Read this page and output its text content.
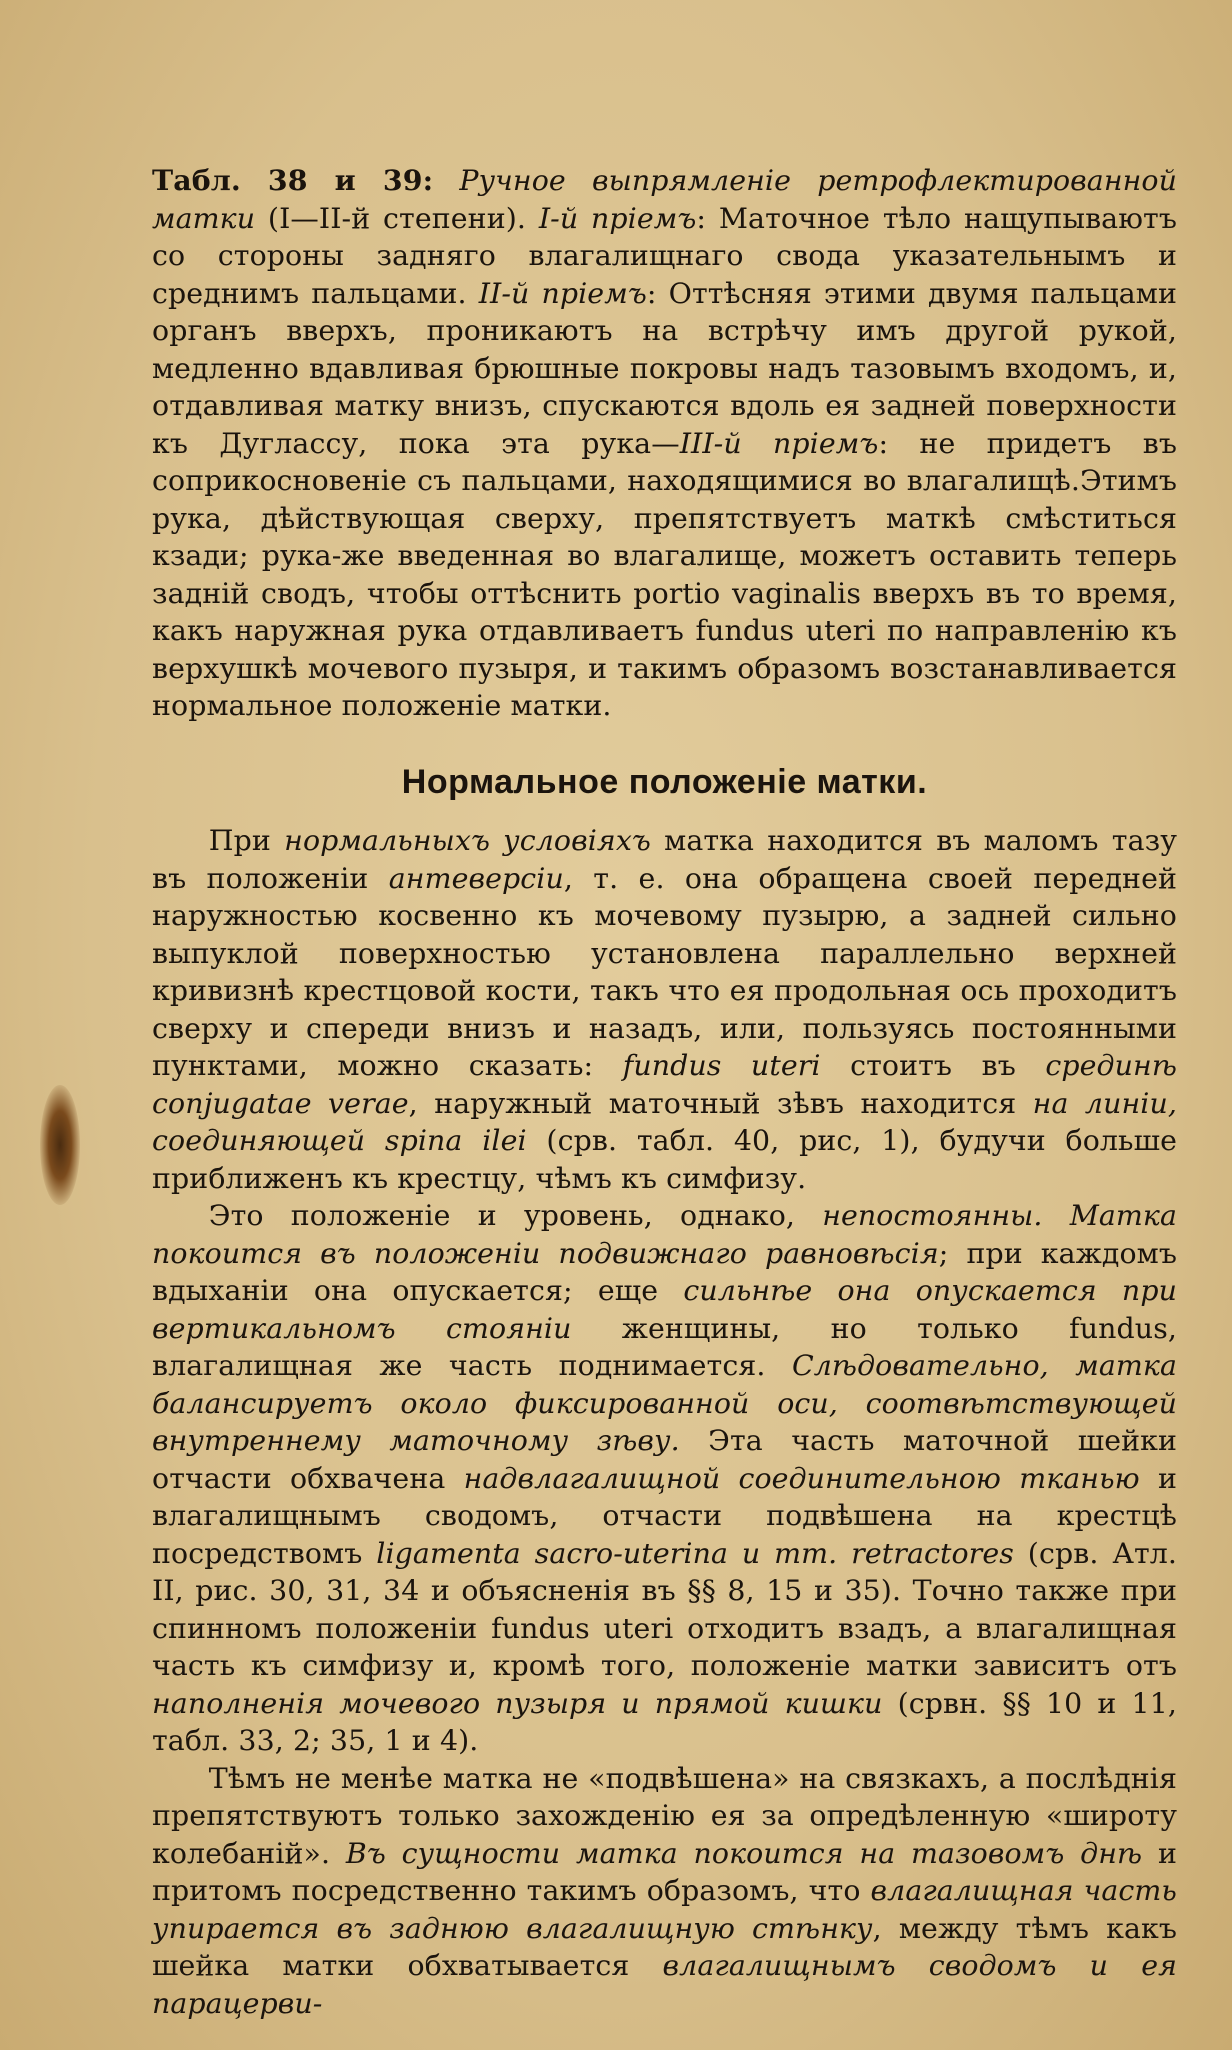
Табл. 38 и 39: Ручное выпрямленіе ретрофлектированной матки (I—II-й степени). I-й пріемъ: Маточное тѣло нащупываютъ со стороны задняго влагалищнаго свода указательнымъ и среднимъ пальцами. II-й пріемъ: Оттѣсняя этими двумя пальцами органъ вверхъ, проникаютъ на встрѣчу имъ другой рукой, медленно вдавливая брюшные покровы надъ тазовымъ входомъ, и, отдавливая матку внизъ, спускаются вдоль ея задней поверхности къ Дуглассу, пока эта рука—III-й пріемъ: не придетъ въ соприкосновеніе съ пальцами, находящимися во влагалищѣ.Этимъ рука, дѣйствующая сверху, препятствуетъ маткѣ смѣститься кзади; рука-же введенная во влагалище, можетъ оставить теперь задній сводъ, чтобы оттѣснить portio vaginalis вверхъ въ то время, какъ наружная рука отдавливаетъ fundus uteri по направленію къ верхушкѣ мочевого пузыря, и такимъ образомъ возстанавливается нормальное положеніе матки.

Нормальное положеніе матки.

При нормальныхъ условіяхъ матка находится въ маломъ тазу въ положеніи антеверсіи, т. е. она обращена своей передней наружностью косвенно къ мочевому пузырю, а задней сильно выпуклой поверхностью установлена параллельно верхней кривизнѣ крестцовой кости, такъ что ея продольная ось проходитъ сверху и спереди внизъ и назадъ, или, пользуясь постоянными пунктами, можно сказать: fundus uteri стоитъ въ срединѣ conjugatae verae, наружный маточный зѣвъ находится на линіи, соединяющей spina ilei (срв. табл. 40, рис, 1), будучи больше приближенъ къ крестцу, чѣмъ къ симфизу.

Это положеніе и уровень, однако, непостоянны. Матка покоится въ положеніи подвижнаго равновѣсія; при каждомъ вдыханіи она опускается; еще сильнѣе она опускается при вертикальномъ стояніи женщины, но только fundus, влагалищная же часть поднимается. Слѣдовательно, матка балансируетъ около фиксированной оси, соотвѣтствующей внутреннему маточному зѣву. Эта часть маточной шейки отчасти обхвачена надвлагалищной соединительною тканью и влагалищнымъ сводомъ, отчасти подвѣшена на крестцѣ посредствомъ ligamenta sacro-uterina и mm. retractores (срв. Атл. II, рис. 30, 31, 34 и объясненія въ §§ 8, 15 и 35). Точно также при спинномъ положеніи fundus uteri отходитъ взадъ, а влагалищная часть къ симфизу и, кромѣ того, положеніе матки зависитъ отъ наполненія мочевого пузыря и прямой кишки (срвн. §§ 10 и 11, табл. 33, 2; 35, 1 и 4).

Тѣмъ не менѣе матка не «подвѣшена» на связкахъ, а послѣднія препятствуютъ только захожденію ея за опредѣленную «широту колебаній». Въ сущности матка покоится на тазовомъ днѣ и притомъ посредственно такимъ образомъ, что влагалищная часть упирается въ заднюю влагалищную стѣнку, между тѣмъ какъ шейка матки обхватывается влагалищнымъ сводомъ и ея парацерви-
